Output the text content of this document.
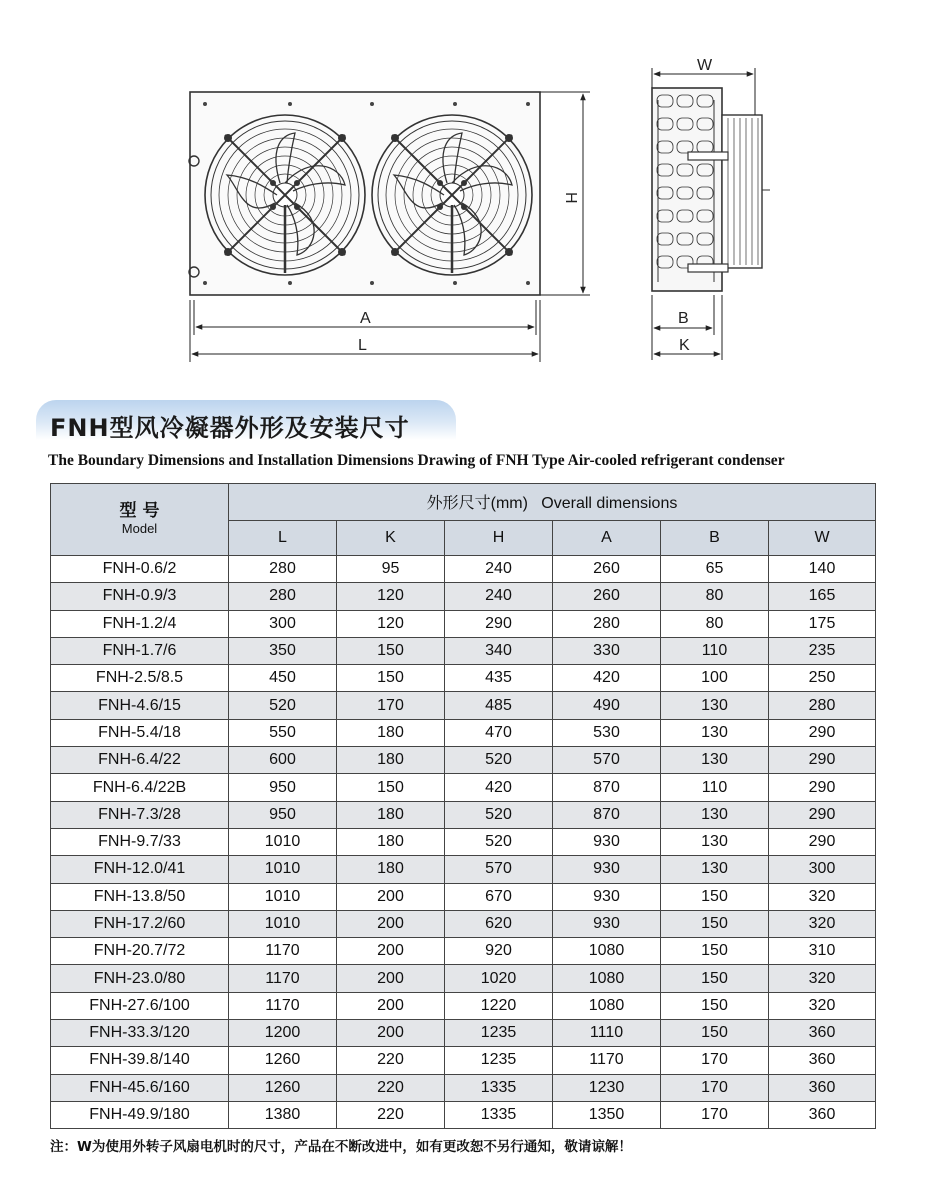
H
A
L
W
B
K
FNH型风冷凝器外形及安装尺寸
The Boundary Dimensions and Installation Dimensions Drawing of FNH Type Air-cooled refrigerant condenser
型 号
Model	外形尺寸(mm)   Overall dimensions					
	L	K	H	A	B	W
FNH-0.6/2	280	95	240	260	65	140
FNH-0.9/3	280	120	240	260	80	165
FNH-1.2/4	300	120	290	280	80	175
FNH-1.7/6	350	150	340	330	110	235
FNH-2.5/8.5	450	150	435	420	100	250
FNH-4.6/15	520	170	485	490	130	280
FNH-5.4/18	550	180	470	530	130	290
FNH-6.4/22	600	180	520	570	130	290
FNH-6.4/22B	950	150	420	870	110	290
FNH-7.3/28	950	180	520	870	130	290
FNH-9.7/33	1010	180	520	930	130	290
FNH-12.0/41	1010	180	570	930	130	300
FNH-13.8/50	1010	200	670	930	150	320
FNH-17.2/60	1010	200	620	930	150	320
FNH-20.7/72	1170	200	920	1080	150	310
FNH-23.0/80	1170	200	1020	1080	150	320
FNH-27.6/100	1170	200	1220	1080	150	320
FNH-33.3/120	1200	200	1235	1110	150	360
FNH-39.8/140	1260	220	1235	1170	170	360
FNH-45.6/160	1260	220	1335	1230	170	360
FNH-49.9/180	1380	220	1335	1350	170	360
注：W为使用外转子风扇电机时的尺寸，产品在不断改进中，如有更改恕不另行通知，敬请谅解！
